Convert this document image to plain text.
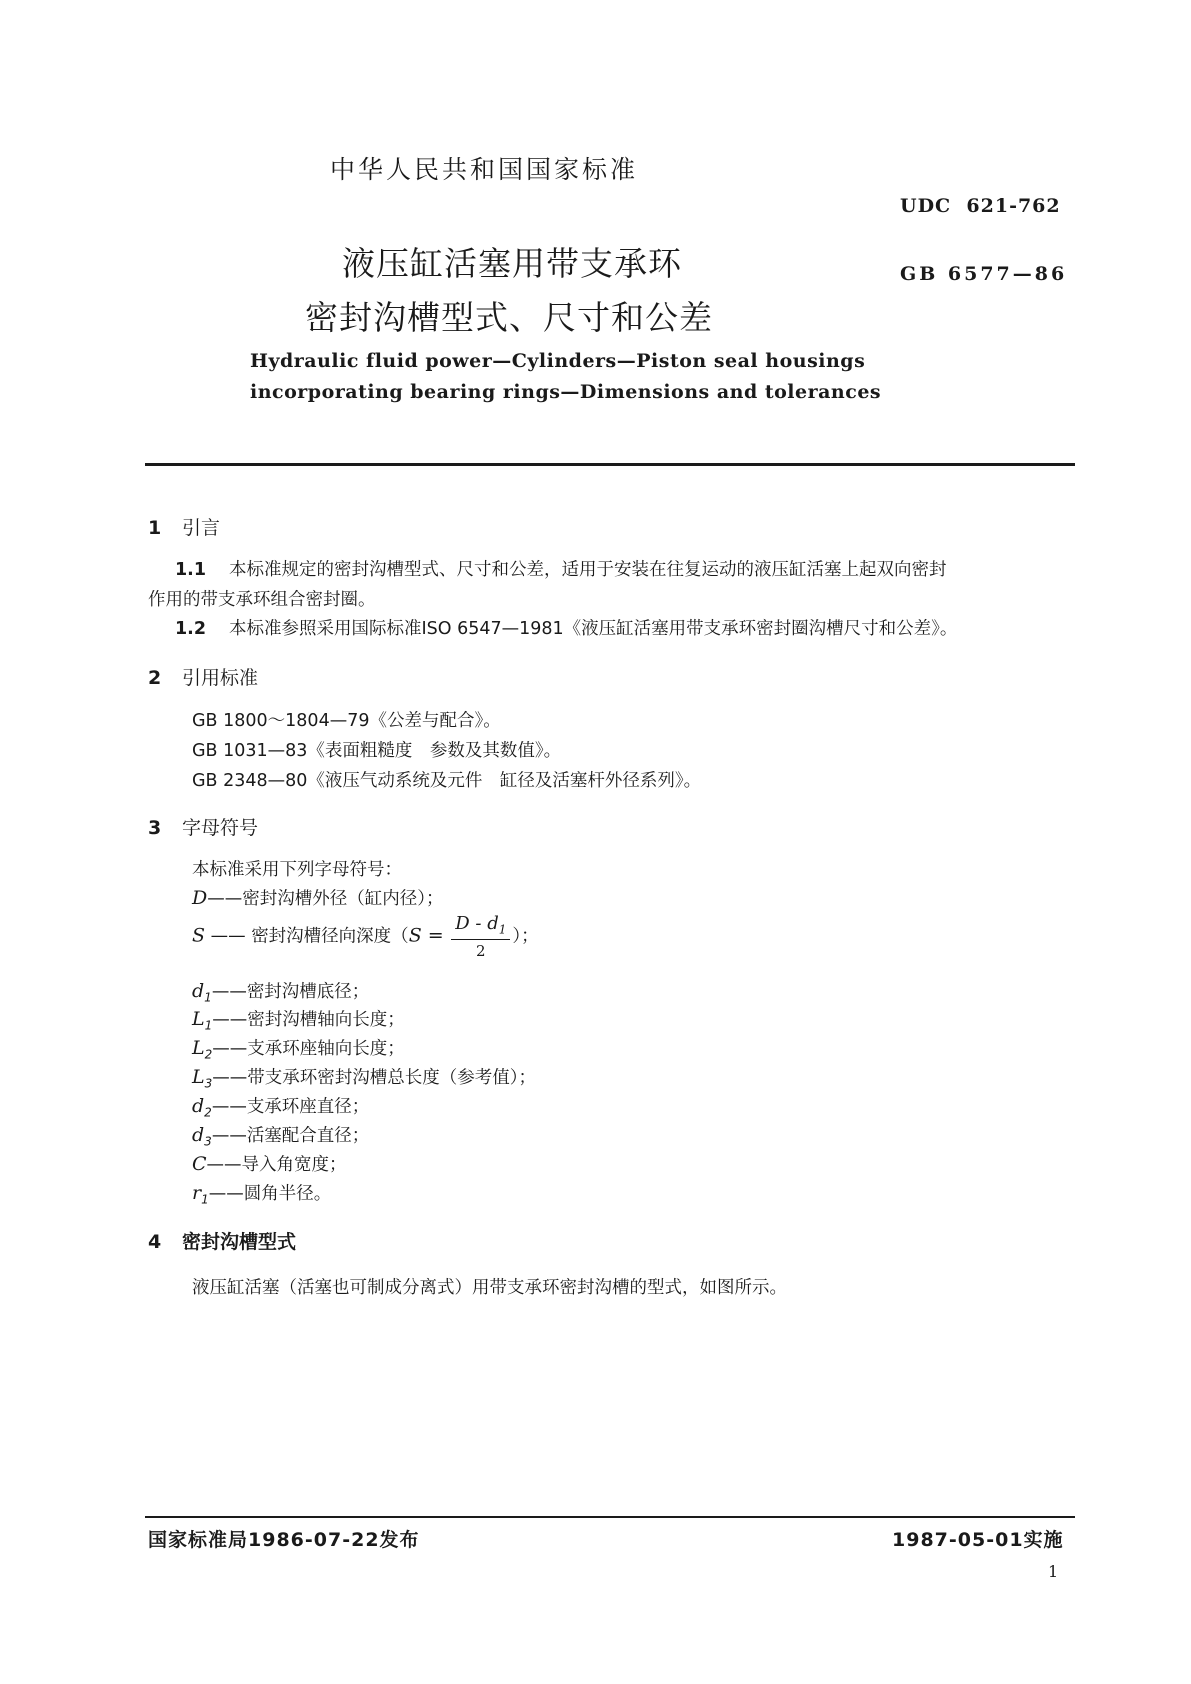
中华人民共和国国家标准
UDC 621-762
GB 6577—86
液压缸活塞用带支承环
密封沟槽型式、尺寸和公差
Hydraulic fluid power—Cylinders—Piston seal housings
incorporating bearing rings—Dimensions and tolerances
1 引言
1.1 本标准规定的密封沟槽型式、尺寸和公差，适用于安装在往复运动的液压缸活塞上起双向密封
作用的带支承环组合密封圈。
1.2 本标准参照采用国际标准ISO 6547—1981《液压缸活塞用带支承环密封圈沟槽尺寸和公差》。
2 引用标准
GB 1800～1804—79《公差与配合》。
GB 1031—83《表面粗糙度　参数及其数值》。
GB 2348—80《液压气动系统及元件　缸径及活塞杆外径系列》。
3 字母符号
本标准采用下列字母符号：
D——密封沟槽外径（缸内径）；
S —— 密封沟槽径向深度（$S = \frac{D - d_1}{2}$ ）；
$d_1——$密封沟槽底径；
$L_1——$密封沟槽轴向长度；
$L_2——$支承环座轴向长度；
$L_3——$带支承环密封沟槽总长度（参考值）；
$d_2——$支承环座直径；
$d_3——$活塞配合直径；
C——导入角宽度；
$r_1——$圆角半径。
4 密封沟槽型式
液压缸活塞（活塞也可制成分离式）用带支承环密封沟槽的型式，如图所示。
国家标准局1986-07-22发布	1987-05-01实施
1
